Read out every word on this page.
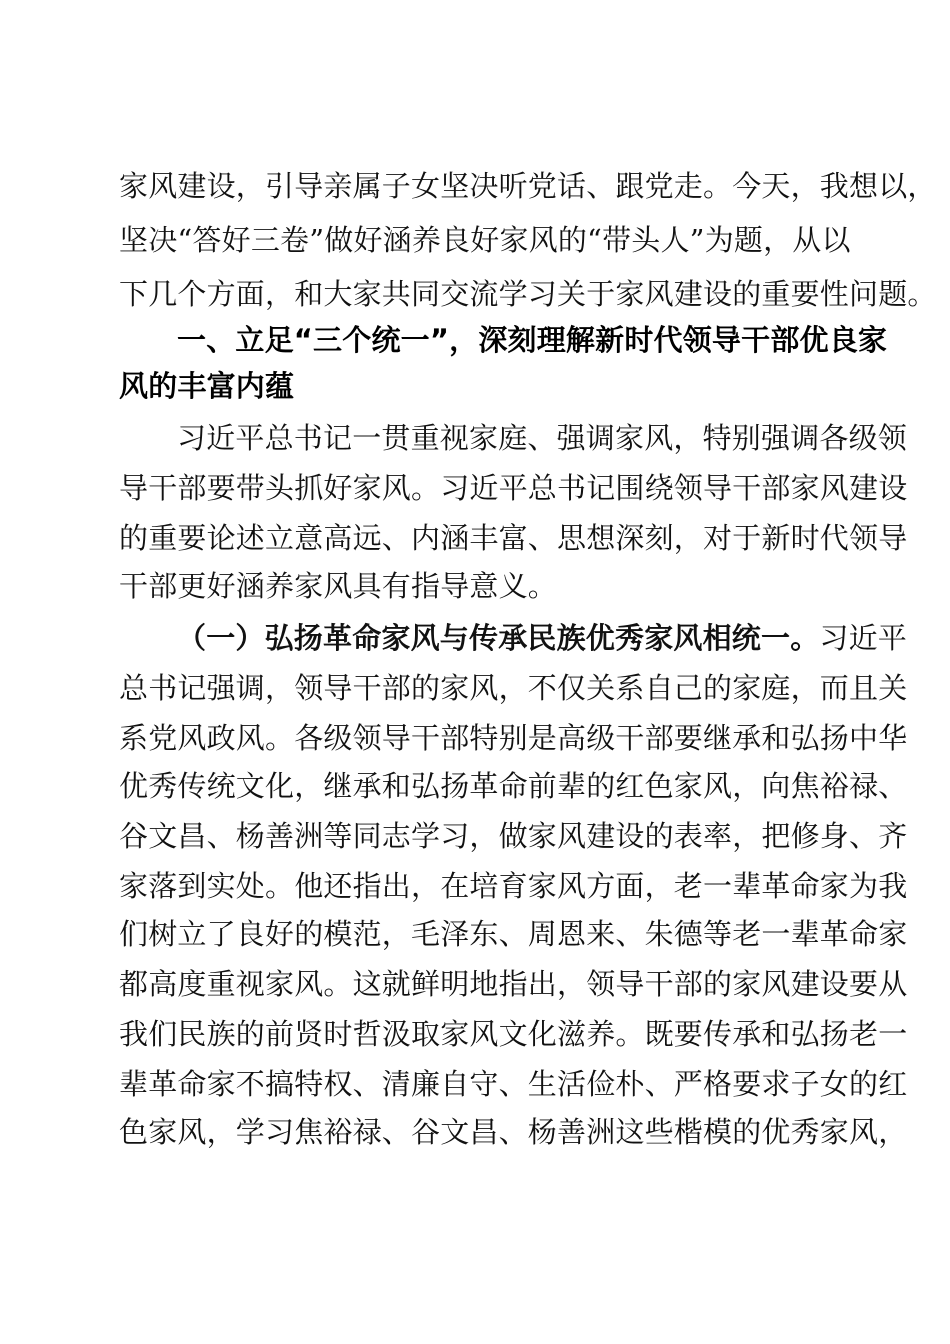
家风建设，引导亲属子女坚决听党话、跟党走。今天，我想以，
坚决“答好三卷”做好涵养良好家风的“带头人”为题，从以
下几个方面，和大家共同交流学习关于家风建设的重要性问题。
一、立足“三个统一”，深刻理解新时代领导干部优良家
风的丰富内蕴
习近平总书记一贯重视家庭、强调家风，特别强调各级领
导干部要带头抓好家风。习近平总书记围绕领导干部家风建设
的重要论述立意高远、内涵丰富、思想深刻，对于新时代领导
干部更好涵养家风具有指导意义。
（一）弘扬革命家风与传承民族优秀家风相统一。习近平
总书记强调，领导干部的家风，不仅关系自己的家庭，而且关
系党风政风。各级领导干部特别是高级干部要继承和弘扬中华
优秀传统文化，继承和弘扬革命前辈的红色家风，向焦裕禄、
谷文昌、杨善洲等同志学习，做家风建设的表率，把修身、齐
家落到实处。他还指出，在培育家风方面，老一辈革命家为我
们树立了良好的模范，毛泽东、周恩来、朱德等老一辈革命家
都高度重视家风。这就鲜明地指出，领导干部的家风建设要从
我们民族的前贤时哲汲取家风文化滋养。既要传承和弘扬老一
辈革命家不搞特权、清廉自守、生活俭朴、严格要求子女的红
色家风，学习焦裕禄、谷文昌、杨善洲这些楷模的优秀家风，
